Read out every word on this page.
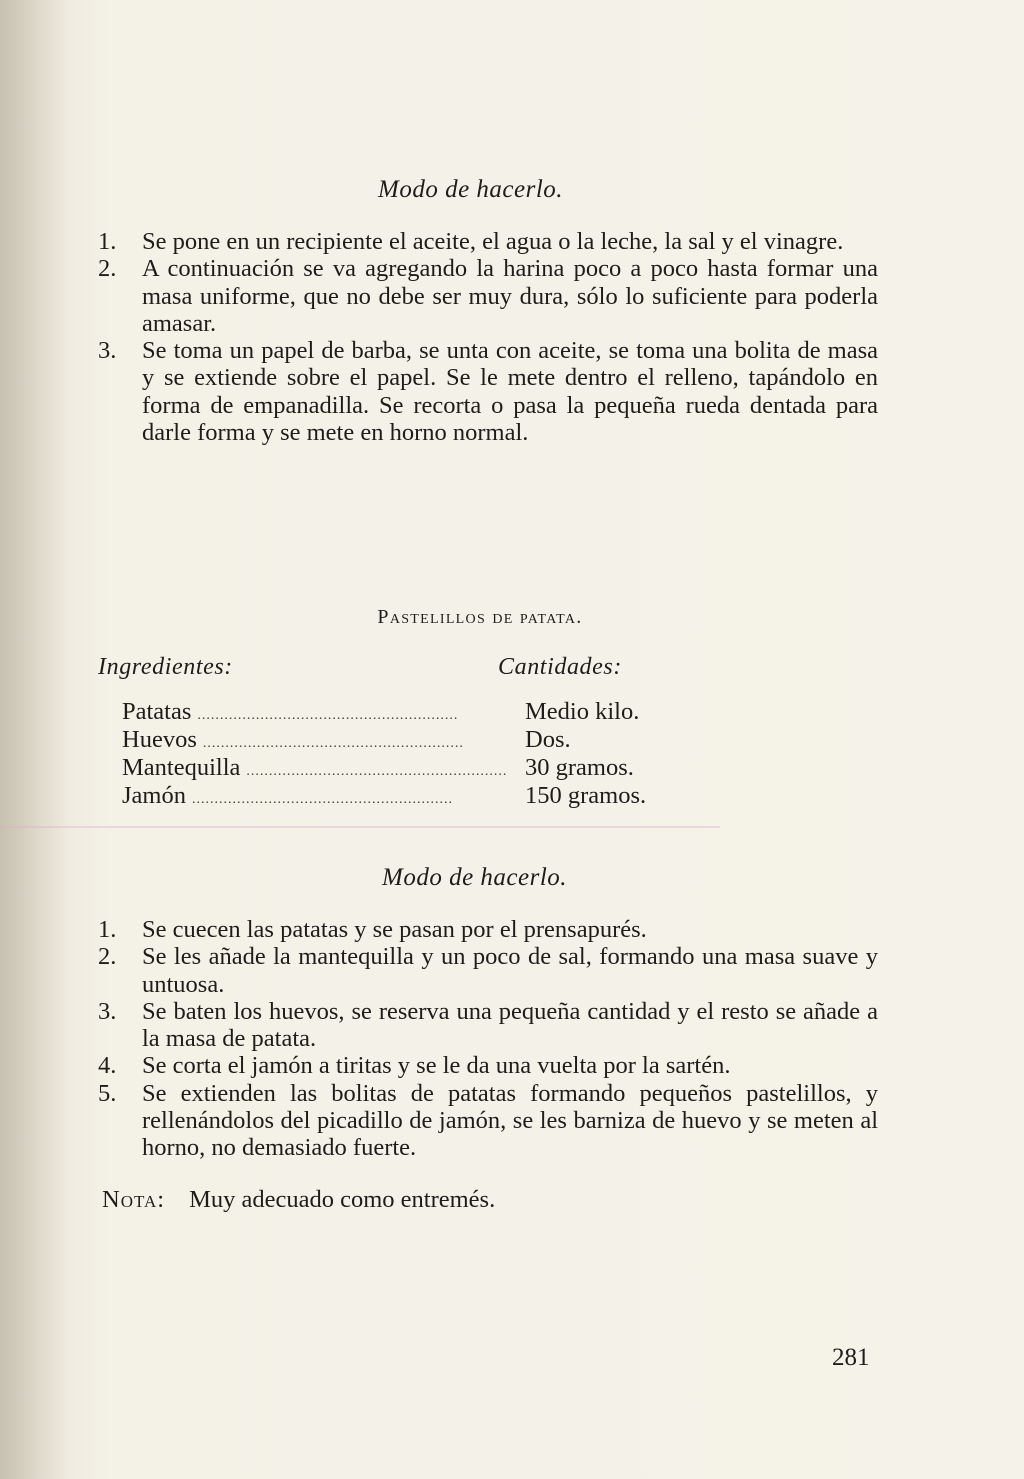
Modo de hacerlo.
1. Se pone en un recipiente el aceite, el agua o la leche, la sal y el vinagre.
2. A continuación se va agregando la harina poco a poco hasta formar una masa uniforme, que no debe ser muy dura, sólo lo suficiente para poderla amasar.
3. Se toma un papel de barba, se unta con aceite, se toma una bolita de masa y se extiende sobre el papel. Se le mete dentro el relleno, tapándolo en forma de empanadilla. Se recorta o pasa la pequeña rueda dentada para darle forma y se mete en horno normal.
Pastelillos de patata.
Ingredientes:	Cantidades:
Patatas ..........................................................	Medio kilo.
Huevos .......................................................... Dos.
Mantequilla .......................................................... 30 gramos.
Jamón ..........................................................	150 gramos.
Modo de hacerlo.
1. Se cuecen las patatas y se pasan por el prensapurés.
2. Se les añade la mantequilla y un poco de sal, formando una masa suave y untuosa.
3. Se baten los huevos, se reserva una pequeña cantidad y el resto se añade a la masa de patata.
4. Se corta el jamón a tiritas y se le da una vuelta por la sartén.
5. Se extienden las bolitas de patatas formando pequeños pastelillos, y rellenándolos del picadillo de jamón, se les barniza de huevo y se meten al horno, no demasiado fuerte.
Nota: Muy adecuado como entremés.
281
